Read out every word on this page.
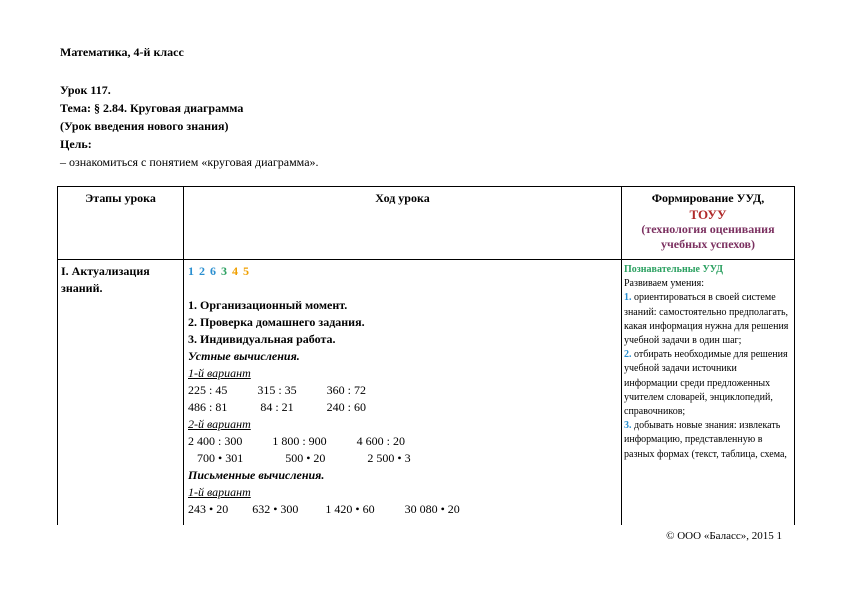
Математика, 4-й класс
Урок 117.
Тема: § 2.84. Круговая диаграмма
(Урок введения нового знания)
Цель:
– ознакомиться с понятием «круговая диаграмма».
Этапы урока	Ход урока	Формирование УУД,
ТОУУ
(технология оценивания учебных успехов)
I. Актуализация знаний.
1 2 6 3 4 5
1. Организационный момент.
2. Проверка домашнего задания.
3. Индивидуальная работа.
Устные вычисления.
1-й вариант
225 : 45          315 : 35          360 : 72
486 : 81           84 : 21           240 : 60
2-й вариант
2 400 : 300          1 800 : 900          4 600 : 20
700 • 301              500 • 20              2 500 • 3
Письменные вычисления.
1-й вариант
243 • 20        632 • 300         1 420 • 60          30 080 • 20
Познавательные УУД
Развиваем умения:
1. ориентироваться в своей системе знаний: самостоятельно предполагать, какая информация нужна для решения учебной задачи в один шаг;
2. отбирать необходимые для решения учебной задачи источники информации среди предложенных учителем словарей, энциклопедий, справочников;
3. добывать новые знания: извлекать информацию, представленную в разных формах (текст, таблица, схема,
© ООО «Баласс», 2015 1
